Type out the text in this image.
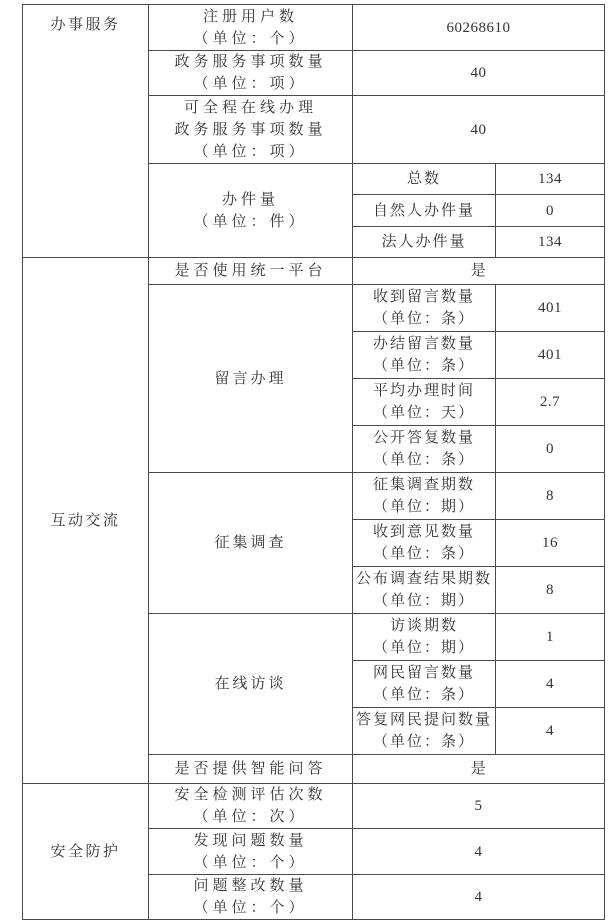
办事服务	注册用户数
（单位：个）	60268610	

	政务服务事项数量
（单位：项）	40	

	可全程在线办理
政务服务事项数量
（单位：项）	40	

	办件量
（单位：件）	总数	134
		自然人办件量	0
		法人办件量	134
互动交流	是否使用统一平台	是	
	留言办理	收到留言数量
（单位：条）	401

		办结留言数量
（单位：条）	401

		平均办理时间
（单位：天）	2.7

		公开答复数量
（单位：条）	0
	征集调查	征集调查期数
（单位：期）	8

		收到意见数量
（单位：条）	16

		公布调查结果期数
（单位：期）	8
	在线访谈	访谈期数
（单位：期）	1

		网民留言数量
（单位：条）	4

		答复网民提问数量
（单位：条）	4
	是否提供智能问答	是	
安全防护	安全检测评估次数
（单位：次）	5	

	发现问题数量
（单位：个）	4	

	问题整改数量
（单位：个）	4	
